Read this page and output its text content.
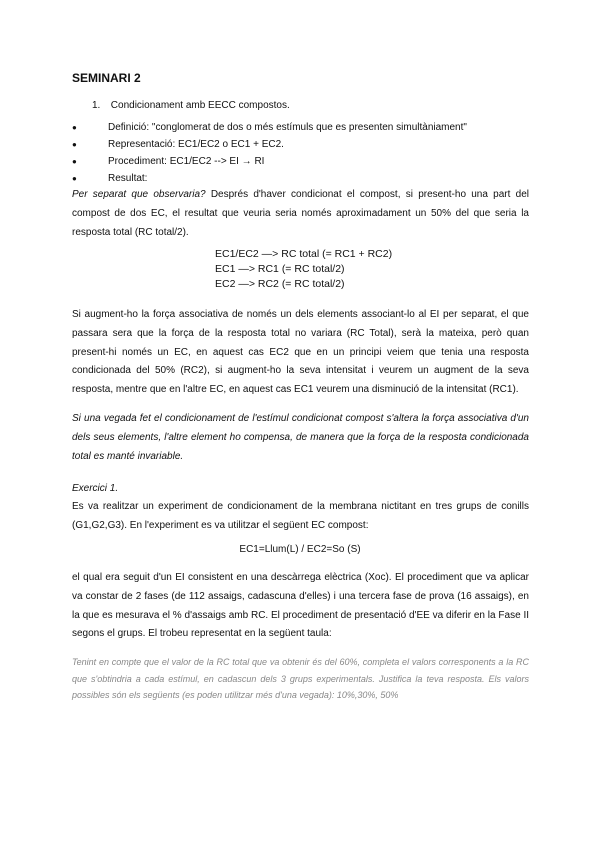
SEMINARI 2
1. Condicionament amb EECC compostos.
●	Definició: "conglomerat de dos o més estímuls que es presenten simultàniament"
●	Representació: EC1/EC2 o EC1 + EC2.
●	Procediment: EC1/EC2 --> EI → RI
●	Resultat:
Per separat que observaria? Després d'haver condicionat el compost, si present-ho una part del compost de dos EC, el resultat que veuria seria només aproximadament un 50% del que seria la resposta total (RC total/2).
EC1/EC2 —> RC total (= RC1 + RC2)
EC1 —> RC1 (= RC total/2)
EC2 —> RC2 (= RC total/2)
Si augment-ho la força associativa de només un dels elements associant-lo al EI per separat, el que passara sera que la força de la resposta total no variara (RC Total), serà la mateixa, però quan present-hi només un EC, en aquest cas EC2 que en un principi veiem que tenia una resposta condicionada del 50% (RC2), si augment-ho la seva intensitat i veurem un augment de la seva resposta, mentre que en l'altre EC, en aquest cas EC1 veurem una disminució de la intensitat (RC1).
Si una vegada fet el condicionament de l'estímul condicionat compost s'altera la força associativa d'un dels seus elements, l'altre element ho compensa, de manera que la força de la resposta condicionada total es manté invariable.
Exercici 1.
Es va realitzar un experiment de condicionament de la membrana nictitant en tres grups de conills (G1,G2,G3). En l'experiment es va utilitzar el següent EC compost:
EC1=Llum(L) / EC2=So (S)
el qual era seguit d'un EI consistent en una descàrrega elèctrica (Xoc). El procediment que va aplicar va constar de 2 fases (de 112 assaigs, cadascuna d'elles) i una tercera fase de prova (16 assaigs), en la que es mesurava el % d'assaigs amb RC. El procediment de presentació d'EE va diferir en la Fase II segons el grups. El trobeu representat en la següent taula:
Tenint en compte que el valor de la RC total que va obtenir és del 60%, completa el valors corresponents a la RC que s'obtindria a cada estímul, en cadascun dels 3 grups experimentals. Justifica la teva resposta. Els valors possibles són els següents (es poden utilitzar més d'una vegada): 10%,30%, 50%
